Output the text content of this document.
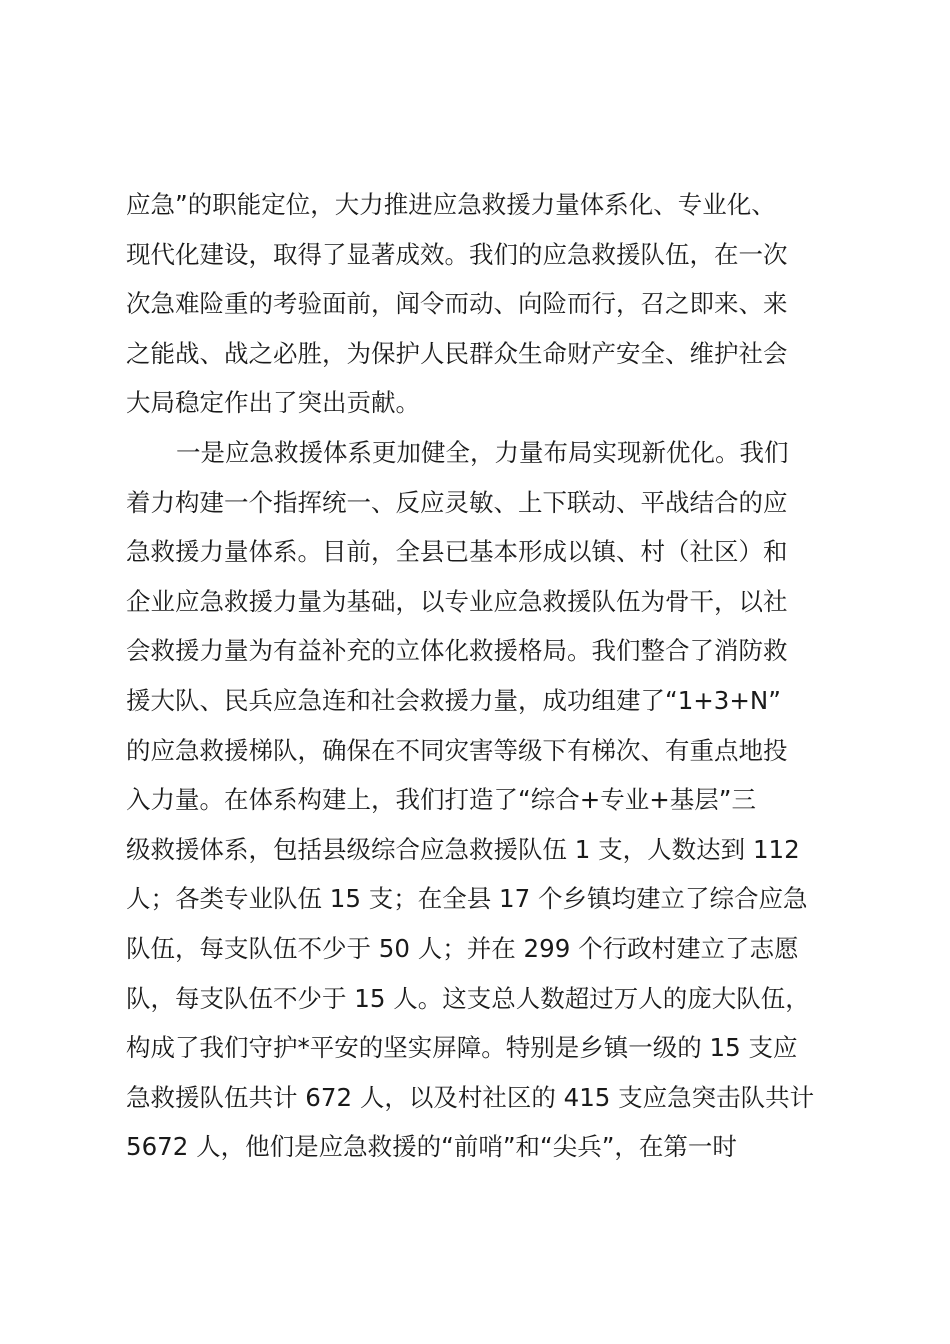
应急”的职能定位，大力推进应急救援力量体系化、专业化、
现代化建设，取得了显著成效。我们的应急救援队伍，在一次
次急难险重的考验面前，闻令而动、向险而行，召之即来、来
之能战、战之必胜，为保护人民群众生命财产安全、维护社会
大局稳定作出了突出贡献。
一是应急救援体系更加健全，力量布局实现新优化。我们
着力构建一个指挥统一、反应灵敏、上下联动、平战结合的应
急救援力量体系。目前，全县已基本形成以镇、村（社区）和
企业应急救援力量为基础，以专业应急救援队伍为骨干，以社
会救援力量为有益补充的立体化救援格局。我们整合了消防救
援大队、民兵应急连和社会救援力量，成功组建了“1+3+N”
的应急救援梯队，确保在不同灾害等级下有梯次、有重点地投
入力量。在体系构建上，我们打造了“综合+专业+基层”三
级救援体系，包括县级综合应急救援队伍 1 支，人数达到 112
人；各类专业队伍 15 支；在全县 17 个乡镇均建立了综合应急
队伍，每支队伍不少于 50 人；并在 299 个行政村建立了志愿
队，每支队伍不少于 15 人。这支总人数超过万人的庞大队伍，
构成了我们守护*平安的坚实屏障。特别是乡镇一级的 15 支应
急救援队伍共计 672 人，以及村社区的 415 支应急突击队共计
5672 人，他们是应急救援的“前哨”和“尖兵”，在第一时
